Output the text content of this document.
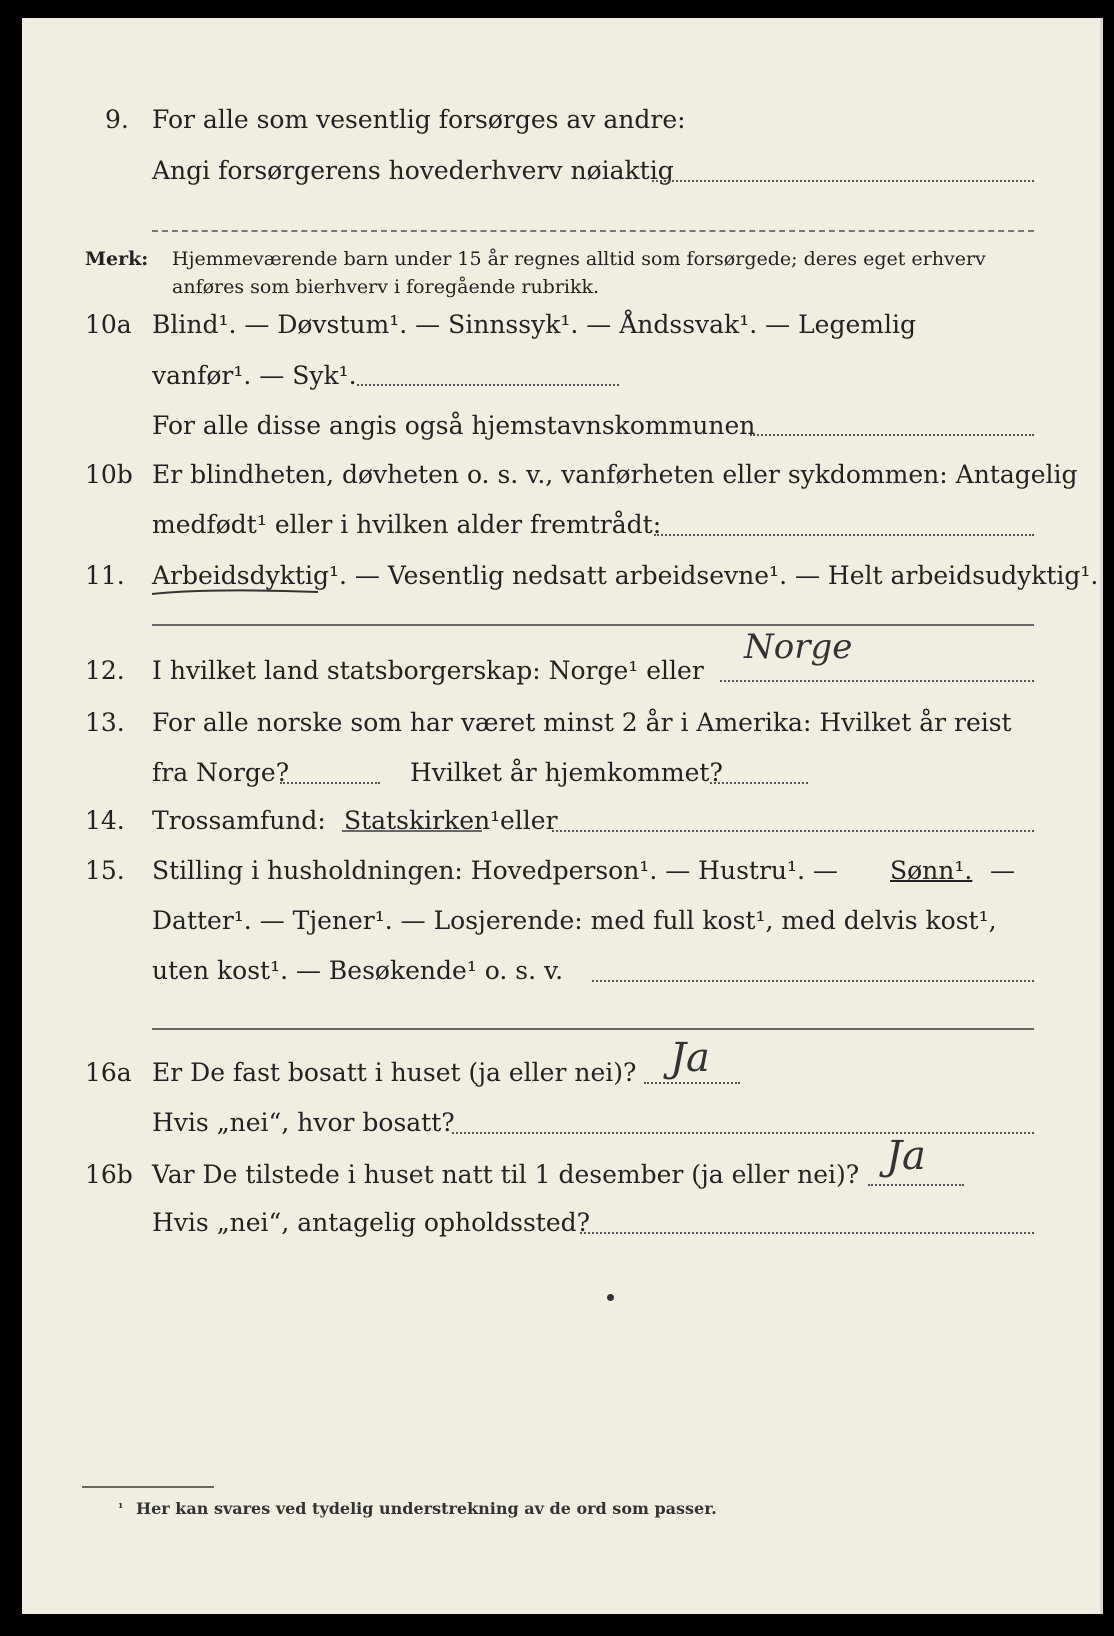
9. For alle som vesentlig forsørges av andre:
Angi forsørgerens hovederhverv nøiaktig
Merk: Hjemmeværende barn under 15 år regnes alltid som forsørgede; deres eget erhverv
anføres som bierhverv i foregående rubrikk.
10a Blind¹. — Døvstum¹. — Sinnssyk¹. — Åndssvak¹. — Legemlig
vanfør¹. — Syk¹.
For alle disse angis også hjemstavnskommunen
10b Er blindheten, døvheten o. s. v., vanførheten eller sykdommen: Antagelig
medfødt¹ eller i hvilken alder fremtrådt:
11. Arbeidsdyktig¹. — Vesentlig nedsatt arbeidsevne¹. — Helt arbeidsudyktig¹.
12. I hvilket land statsborgerskap: Norge¹ eller
Norge
13. For alle norske som har været minst 2 år i Amerika: Hvilket år reist
fra Norge?	Hvilket år hjemkommet?
14. Trossamfund: Statskirken¹ eller
15. Stilling i husholdningen: Hovedperson¹. — Hustru¹. — Sønn¹. —
Datter¹. — Tjener¹. — Losjerende: med full kost¹, med delvis kost¹,
uten kost¹. — Besøkende¹ o. s. v.
16a Er De fast bosatt i huset (ja eller nei)? Ja
Hvis „nei“, hvor bosatt?
16b Var De tilstede i huset natt til 1 desember (ja eller nei)? Ja
Hvis „nei“, antagelig opholdssted?
¹ Her kan svares ved tydelig understrekning av de ord som passer.
